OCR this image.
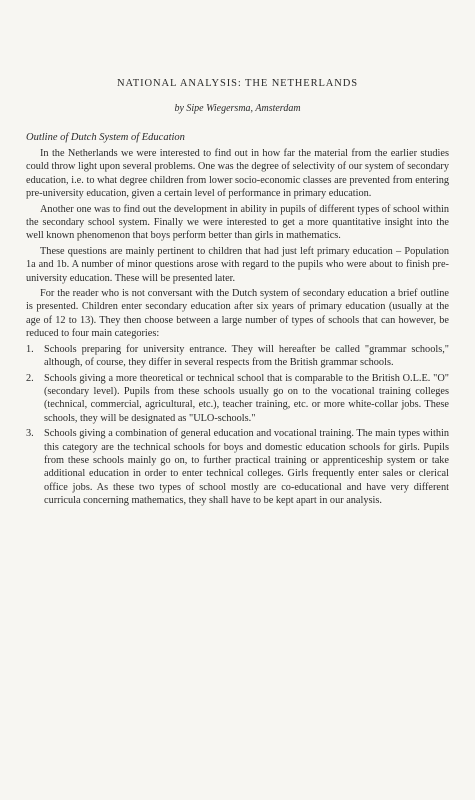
NATIONAL ANALYSIS: THE NETHERLANDS
by Sipe Wiegersma, Amsterdam
Outline of Dutch System of Education

In the Netherlands we were interested to find out in how far the material from the earlier studies could throw light upon several problems. One was the degree of selectivity of our system of secondary education, i.e. to what degree children from lower socio-economic classes are prevented from entering pre-university education, given a certain level of performance in primary education.

Another one was to find out the development in ability in pupils of different types of school within the secondary school system. Finally we were interested to get a more quantitative insight into the well known phenomenon that boys perform better than girls in mathematics.

These questions are mainly pertinent to children that had just left primary education – Population 1a and 1b. A number of minor questions arose with regard to the pupils who were about to finish pre-university education. These will be presented later.

For the reader who is not conversant with the Dutch system of secondary education a brief outline is presented. Children enter secondary education after six years of primary education (usually at the age of 12 to 13). They then choose between a large number of types of schools that can however, be reduced to four main categories:

1. Schools preparing for university entrance. They will hereafter be called "grammar schools," although, of course, they differ in several respects from the British grammar schools.
2. Schools giving a more theoretical or technical school that is comparable to the British O.L.E. "O" (secondary level). Pupils from these schools usually go on to the vocational training colleges (technical, commercial, agricultural, etc.), teacher training, etc. or more white-collar jobs. These schools, they will be designated as "ULO-schools."
3. Schools giving a combination of general education and vocational training. The main types within this category are the technical schools for boys and domestic education schools for girls. Pupils from these schools mainly go on, to further practical training or apprenticeship system or take additional education in order to enter technical colleges. Girls frequently enter sales or clerical office jobs. As these two types of school mostly are co-educational and have very different curricula concerning mathematics, they shall have to be kept apart in our analysis.
